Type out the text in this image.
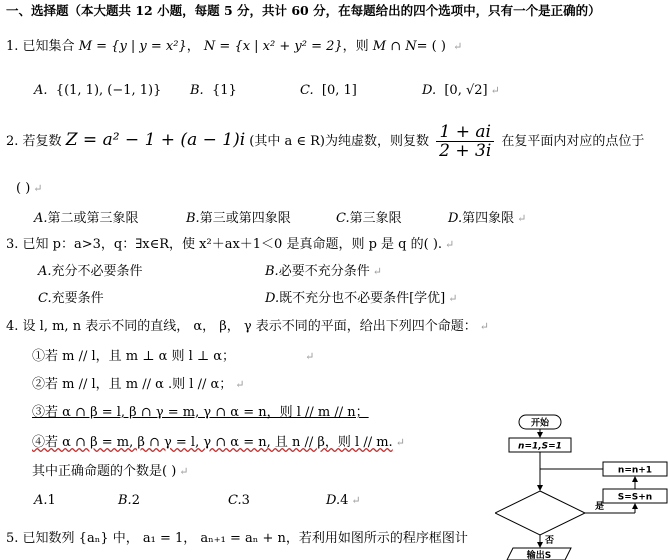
一、选择题（本大题共 12 小题，每题 5 分，共计 60 分，在每题给出的四个选项中，只有一个是正确的）
1. 已知集合 M = {y | y = x²}， N = {x | x² + y² = 2}，则 M ∩ N= ( ) ↵
A. {(1, 1), (−1, 1)} B. {1}	C. [0, 1]	D. [0, √2] ↵
2. 若复数 Z = a² − 1 + (a − 1)i (其中 a ∈ R)为纯虚数，则复数 $\frac{1 + ai}{2 + 3i}$ 在复平面内对应的点位于
( ) ↵
A.第二或第三象限	B.第三或第四象限	C.第三象限	D.第四象限 ↵
3. 已知 p：a>3，q：∃x∈R，使 x²＋ax＋1＜0 是真命题，则 p 是 q 的( ). ↵
A.充分不必要条件	B.必要不充分条件 ↵
C.充要条件	D.既不充分也不必要条件[学优] ↵
4. 设 l, m, n 表示不同的直线， α， β， γ 表示不同的平面，给出下列四个命题： ↵
①若 m // l，且 m ⊥ α 则 l ⊥ α；	↵
②若 m // l，且 m // α .则 l // α； ↵
③若 α ∩ β = l, β ∩ γ = m, γ ∩ α = n，则 l // m // n；
④若 α ∩ β = m, β ∩ γ = l, γ ∩ α = n, 且 n // β，则 l // m. ↵
其中正确命题的个数是( ) ↵
A.1	B.2	C.3	D.4 ↵
5. 已知数列 {aₙ} 中， a₁ = 1， aₙ₊₁ = aₙ + n，若利用如图所示的程序框图计
开始
n=1,S=1
n=n+1
S=S+n
是
否
输出S
